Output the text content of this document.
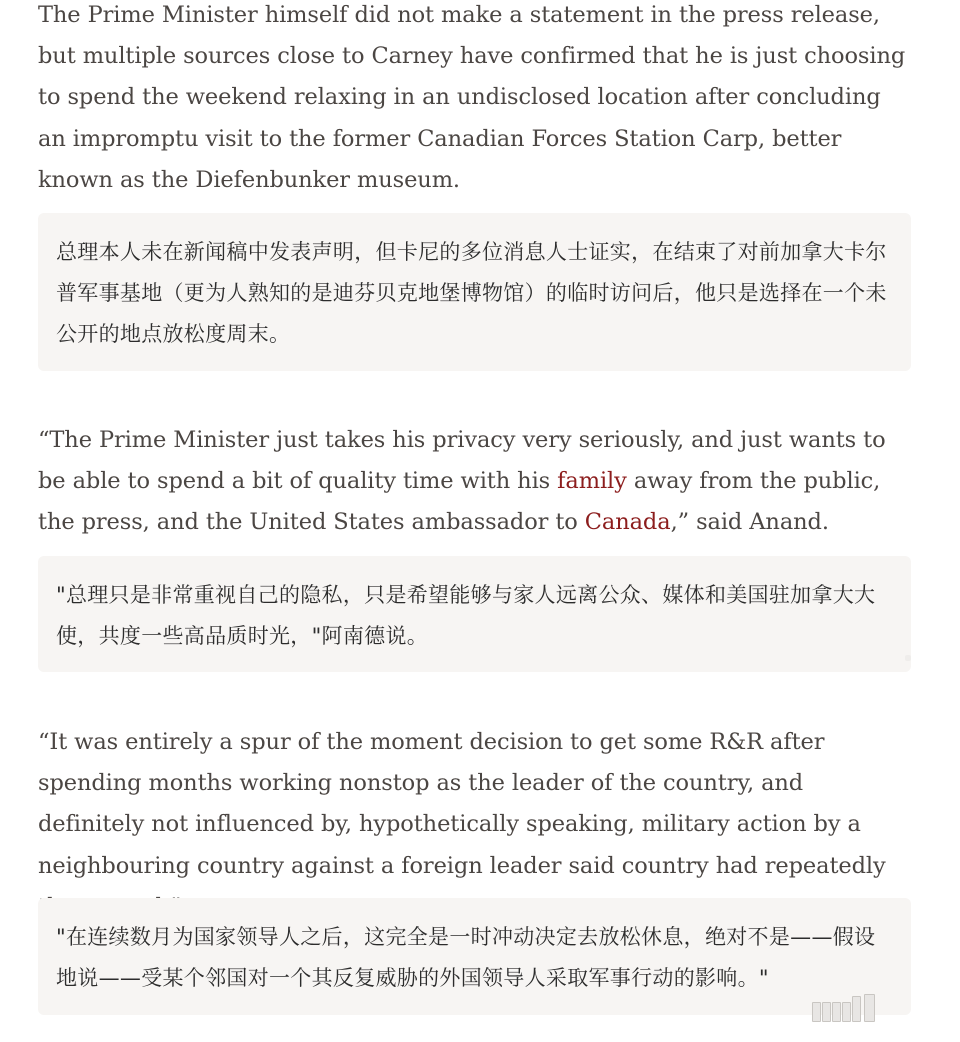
The Prime Minister himself did not make a statement in the press release, but multiple sources close to Carney have confirmed that he is just choosing to spend the weekend relaxing in an undisclosed location after concluding an impromptu visit to the former Canadian Forces Station Carp, better known as the Diefenbunker museum.

总理本人未在新闻稿中发表声明，但卡尼的多位消息人士证实，在结束了对前加拿大卡尔普军事基地（更为人熟知的是迪芬贝克地堡博物馆）的临时访问后，他只是选择在一个未公开的地点放松度周末。

“The Prime Minister just takes his privacy very seriously, and just wants to be able to spend a bit of quality time with his family away from the public, the press, and the United States ambassador to Canada,” said Anand.

"总理只是非常重视自己的隐私，只是希望能够与家人远离公众、媒体和美国驻加拿大大使，共度一些高品质时光，"阿南德说。

“It was entirely a spur of the moment decision to get some R&R after spending months working nonstop as the leader of the country, and definitely not influenced by, hypothetically speaking, military action by a neighbouring country against a foreign leader said country had repeatedly

"在连续数月为国家领导人之后，这完全是一时冲动决定去放松休息，绝对不是——假设地说——受某个邻国对一个其反复威胁的外国领导人采取军事行动的影响。"
